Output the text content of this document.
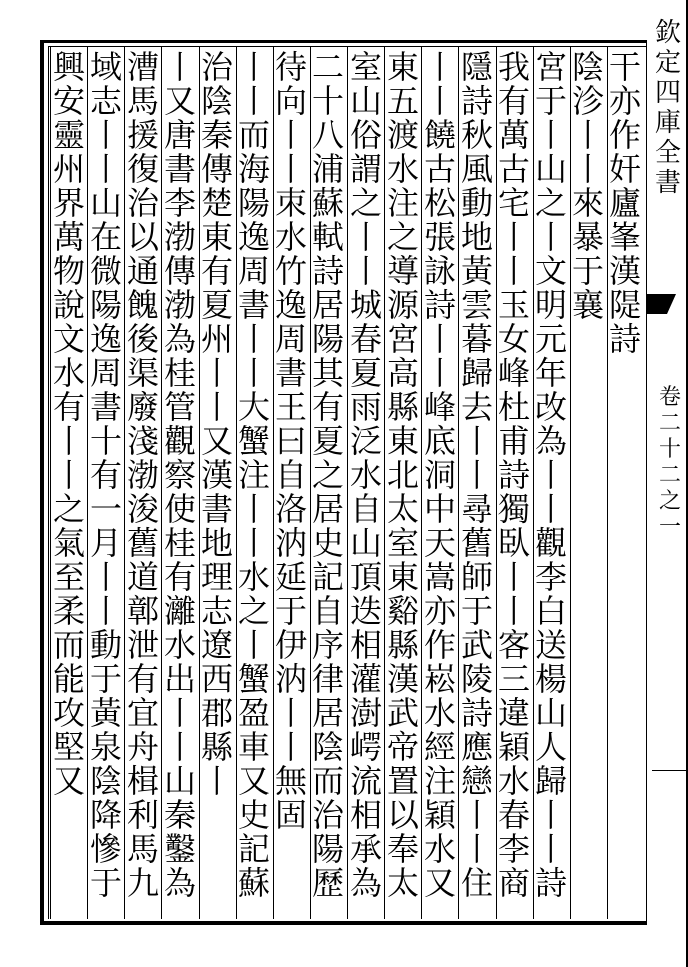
欽
定
四
庫
全
書
卷
二
十
二
之
一
干
亦
作
奸
廬
峯
漢
隄
詩
陰
沴
丨
丨
來
暴
于
襄
宮
于
丨
山
之
丨
文
明
元
年
改
為
丨
丨
觀
李
白
送
楊
山
人
歸
丨
丨
詩
我
有
萬
古
宅
丨
丨
玉
女
峰
杜
甫
詩
獨
臥
丨
丨
客
三
違
穎
水
春
李
商
隱
詩
秋
風
動
地
黃
雲
暮
歸
去
丨
丨
尋
舊
師
于
武
陵
詩
應
戀
丨
丨
住
丨
丨
饒
古
松
張
詠
詩
丨
丨
峰
底
洞
中
天
嵩
亦
作
崧
水
經
注
穎
水
又
東
五
渡
水
注
之
導
源
宮
高
縣
東
北
太
室
東
谿
縣
漢
武
帝
置
以
奉
太
室
山
俗
謂
之
丨
丨
城
春
夏
雨
泛
水
自
山
頂
迭
相
灌
澍
崿
流
相
承
為
二
十
八
浦
蘇
軾
詩
居
陽
其
有
夏
之
居
史
記
自
序
律
居
陰
而
治
陽
歷
待
向
丨
丨
朿
水
竹
逸
周
書
王
曰
自
洛
汭
延
于
伊
汭
丨
丨
無
固
丨
丨
而
海
陽
逸
周
書
丨
丨
大
蟹
注
丨
丨
水
之
丨
蟹
盈
車
又
史
記
蘇
治
陰
秦
傳
楚
東
有
夏
州
丨
丨
又
漢
書
地
理
志
遼
西
郡
縣
丨
丨
又
唐
書
李
渤
傳
渤
為
桂
管
觀
察
使
桂
有
灕
水
出
丨
丨
山
秦
鑿
為
漕
馬
援
復
治
以
通
餽
後
渠
廢
淺
渤
浚
舊
道
鄣
泄
有
宜
舟
楫
利
馬
九
域
志
丨
丨
山
在
微
陽
逸
周
書
十
有
一
月
丨
丨
動
于
黃
泉
陰
降
慘
于
興
安
靈
州
界
萬
物
說
文
水
有
丨
丨
之
氣
至
柔
而
能
攻
堅
又
